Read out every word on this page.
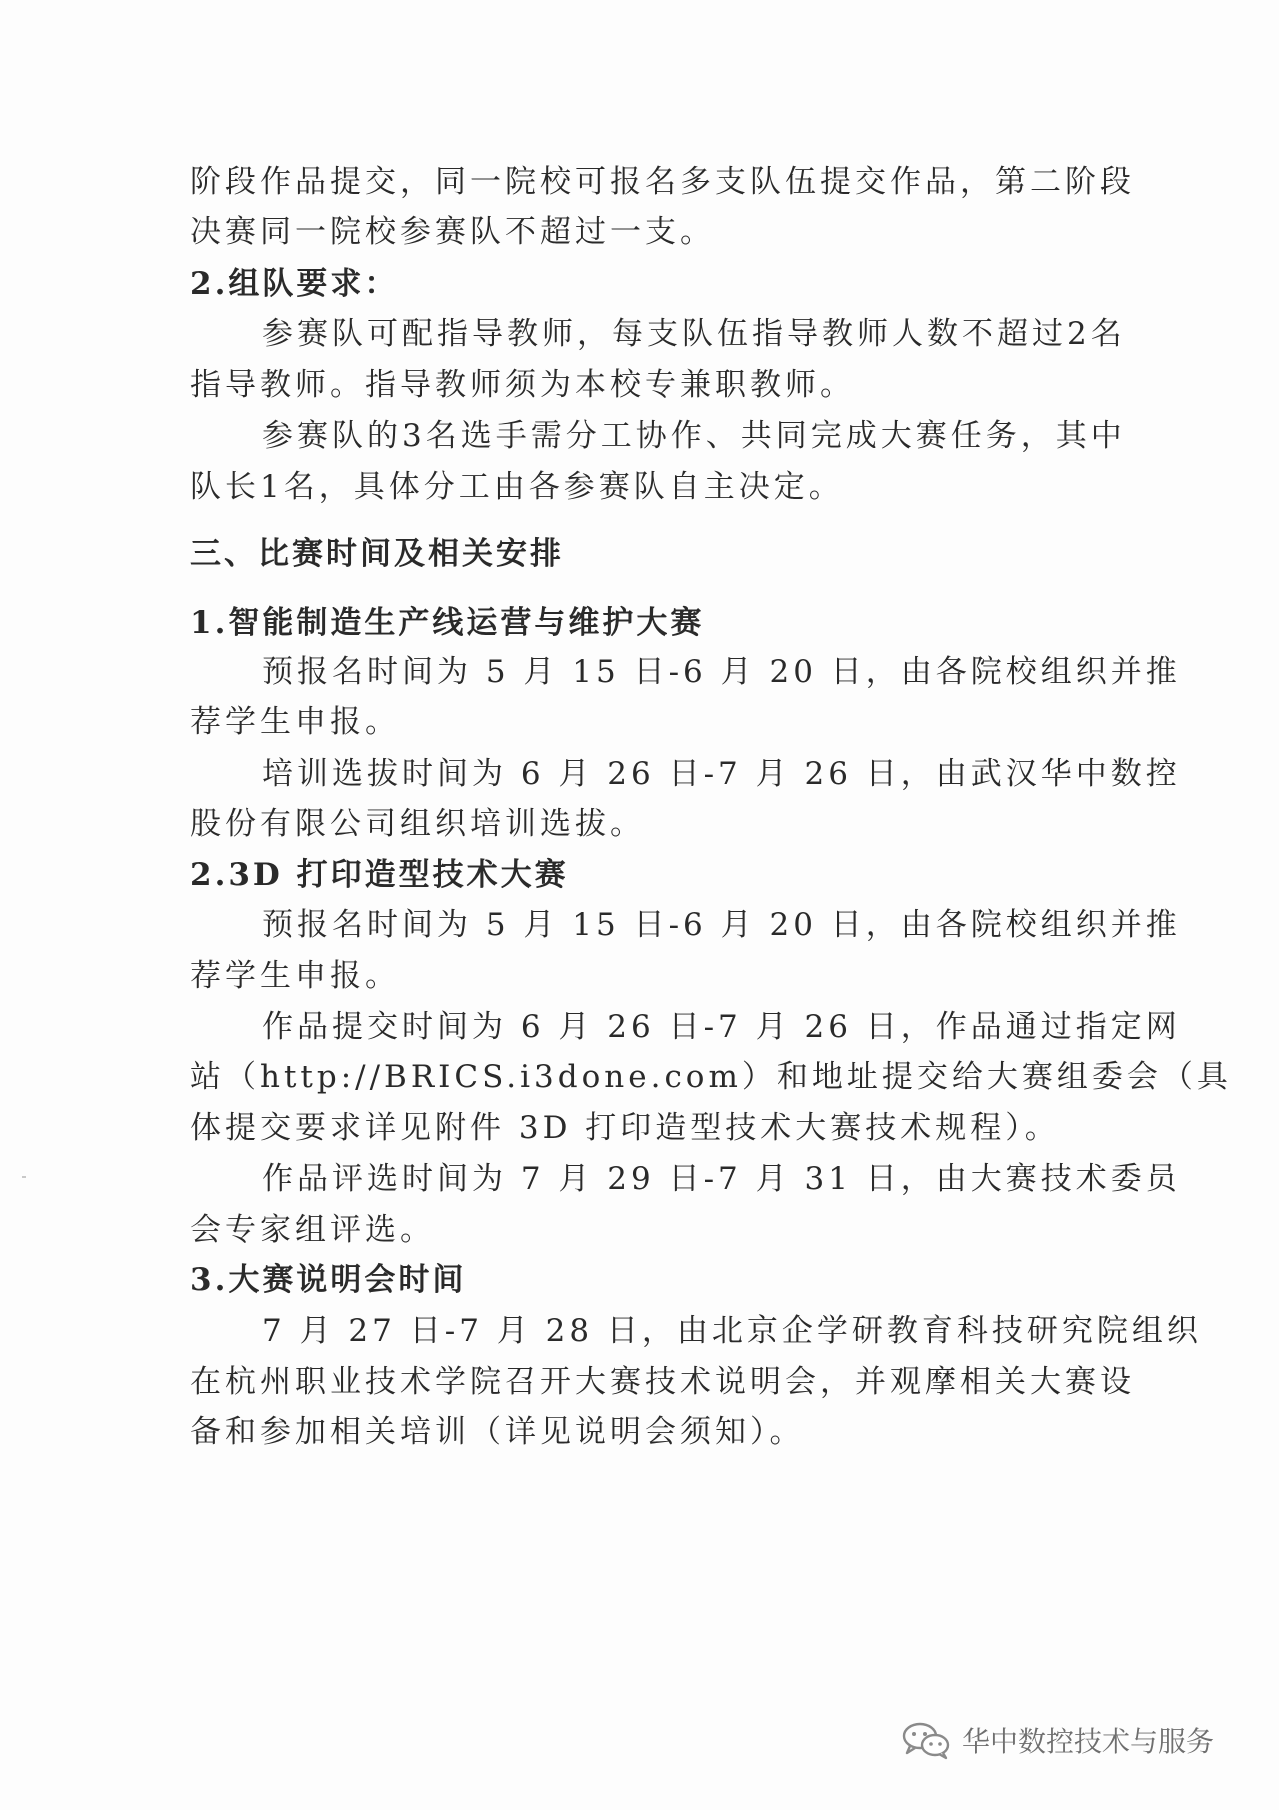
阶段作品提交，同一院校可报名多支队伍提交作品，第二阶段
决赛同一院校参赛队不超过一支。
2.组队要求：
参赛队可配指导教师，每支队伍指导教师人数不超过2名
指导教师。指导教师须为本校专兼职教师。
参赛队的3名选手需分工协作、共同完成大赛任务，其中
队长1名，具体分工由各参赛队自主决定。
三、比赛时间及相关安排
1.智能制造生产线运营与维护大赛
预报名时间为 5 月 15 日-6 月 20 日，由各院校组织并推
荐学生申报。
培训选拔时间为 6 月 26 日-7 月 26 日，由武汉华中数控
股份有限公司组织培训选拔。
2.3D 打印造型技术大赛
预报名时间为 5 月 15 日-6 月 20 日，由各院校组织并推
荐学生申报。
作品提交时间为 6 月 26 日-7 月 26 日，作品通过指定网
站（http://BRICS.i3done.com）和地址提交给大赛组委会（具
体提交要求详见附件 3D 打印造型技术大赛技术规程）。
作品评选时间为 7 月 29 日-7 月 31 日，由大赛技术委员
会专家组评选。
3.大赛说明会时间
7 月 27 日-7 月 28 日，由北京企学研教育科技研究院组织
在杭州职业技术学院召开大赛技术说明会，并观摩相关大赛设
备和参加相关培训（详见说明会须知）。
华中数控技术与服务
